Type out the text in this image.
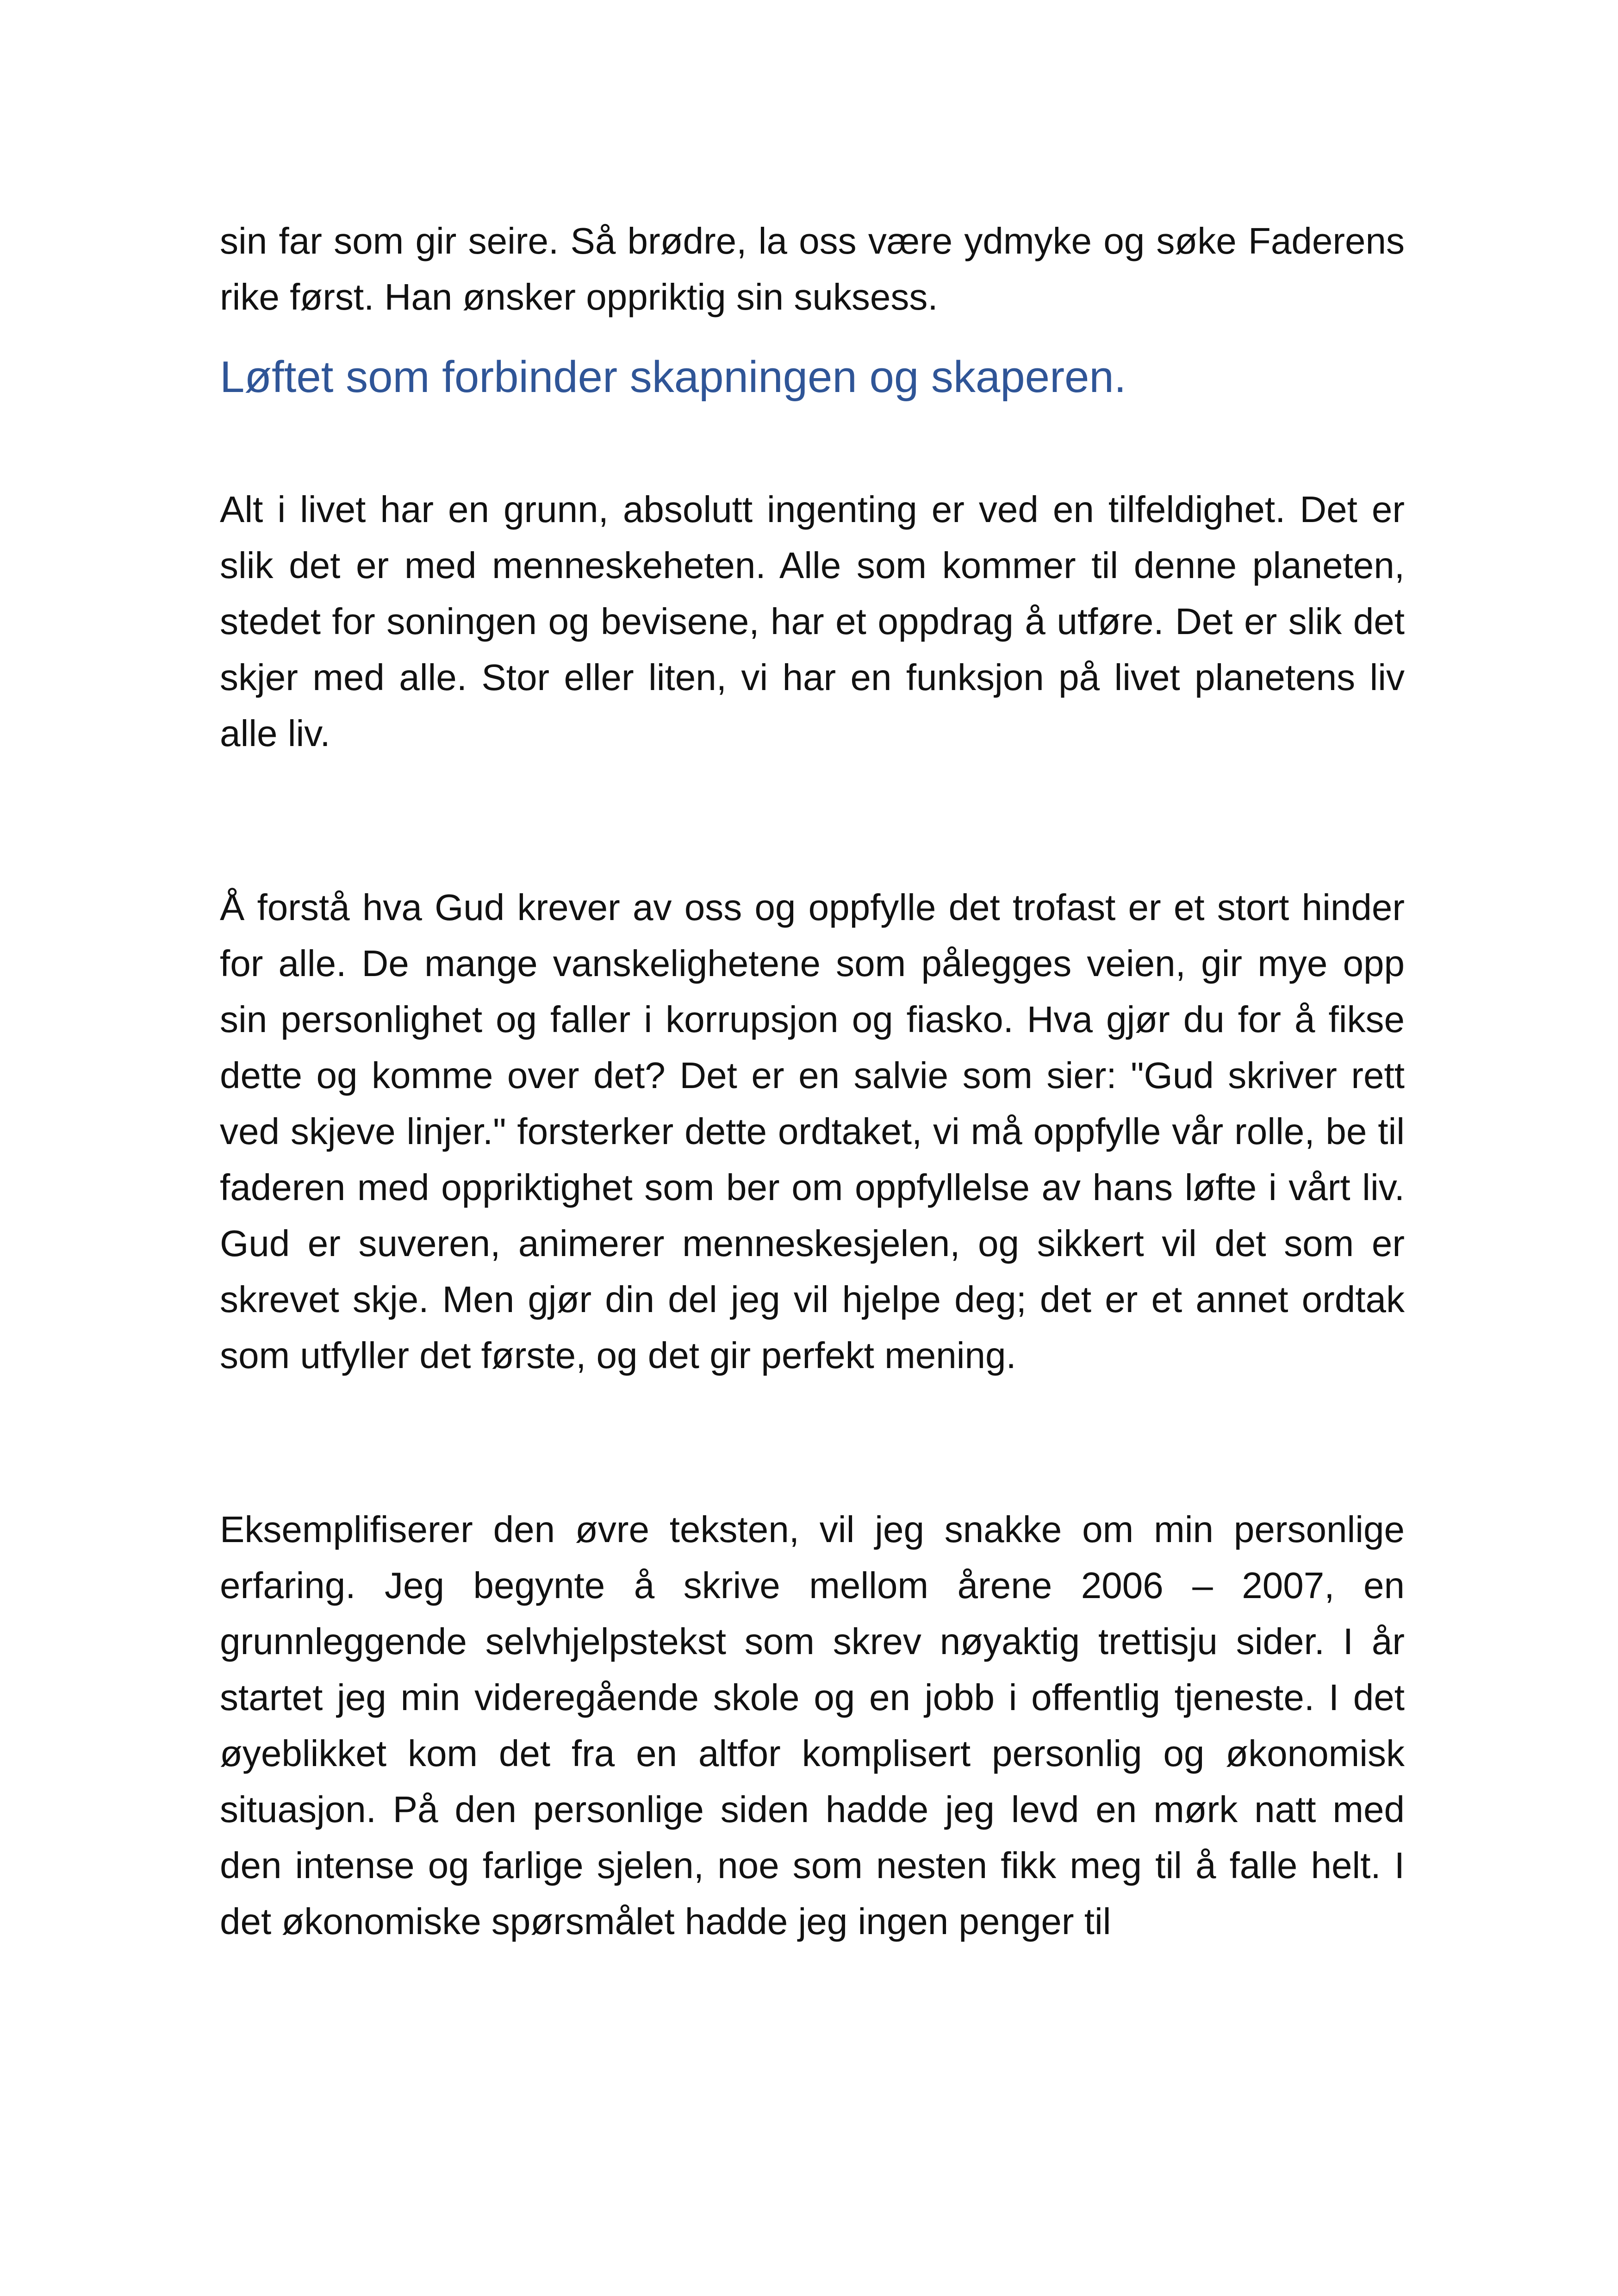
sin far som gir seire. Så brødre, la oss være ydmyke og søke Faderens rike først. Han ønsker oppriktig sin suksess.

Løftet som forbinder skapningen og skaperen.

Alt i livet har en grunn, absolutt ingenting er ved en tilfeldighet. Det er slik det er med menneskeheten. Alle som kommer til denne planeten, stedet for soningen og bevisene, har et oppdrag å utføre. Det er slik det skjer med alle. Stor eller liten, vi har en funksjon på livet planetens liv alle liv.

Å forstå hva Gud krever av oss og oppfylle det trofast er et stort hinder for alle. De mange vanskelighetene som pålegges veien, gir mye opp sin personlighet og faller i korrupsjon og fiasko. Hva gjør du for å fikse dette og komme over det? Det er en salvie som sier: "Gud skriver rett ved skjeve linjer." forsterker dette ordtaket, vi må oppfylle vår rolle, be til faderen med oppriktighet som ber om oppfyllelse av hans løfte i vårt liv. Gud er suveren, animerer menneskesjelen, og sikkert vil det som er skrevet skje. Men gjør din del jeg vil hjelpe deg; det er et annet ordtak som utfyller det første, og det gir perfekt mening.

Eksemplifiserer den øvre teksten, vil jeg snakke om min personlige erfaring. Jeg begynte å skrive mellom årene 2006 – 2007, en grunnleggende selvhjelpstekst som skrev nøyaktig trettisju sider. I år startet jeg min videregående skole og en jobb i offentlig tjeneste. I det øyeblikket kom det fra en altfor komplisert personlig og økonomisk situasjon. På den personlige siden hadde jeg levd en mørk natt med den intense og farlige sjelen, noe som nesten fikk meg til å falle helt. I det økonomiske spørsmålet hadde jeg ingen penger til
